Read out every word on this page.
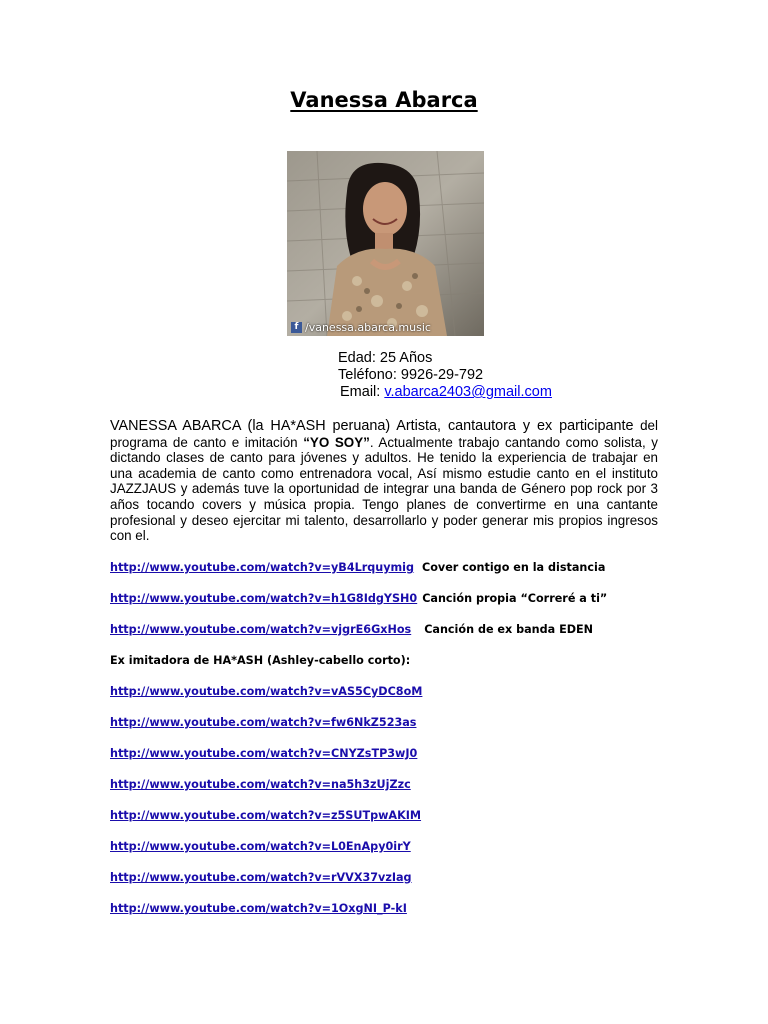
Vanessa Abarca
f /vanessa.abarca.music
Edad: 25 Años
Teléfono: 9926-29-792
Email: v.abarca2403@gmail.com

VANESSA ABARCA (la HA*ASH peruana) Artista, cantautora y ex participante del programa de canto e imitación “YO SOY”. Actualmente trabajo cantando como solista, y dictando clases de canto para jóvenes y adultos. He tenido la experiencia de trabajar en una academia de canto como entrenadora vocal, Así mismo estudie canto en el instituto JAZZJAUS y además tuve la oportunidad de integrar una banda de Género pop rock por 3 años tocando covers y música propia. Tengo planes de convertirme en una cantante profesional y deseo ejercitar mi talento, desarrollarlo y poder generar mis propios ingresos con el.

http://www.youtube.com/watch?v=yB4Lrquymig Cover contigo en la distancia
http://www.youtube.com/watch?v=h1G8IdgYSH0 Canción propia “Correré a ti”
http://www.youtube.com/watch?v=vjgrE6GxHos Canción de ex banda EDEN
Ex imitadora de HA*ASH (Ashley-cabello corto):
http://www.youtube.com/watch?v=vAS5CyDC8oM
http://www.youtube.com/watch?v=fw6NkZ523as
http://www.youtube.com/watch?v=CNYZsTP3wJ0
http://www.youtube.com/watch?v=na5h3zUjZzc
http://www.youtube.com/watch?v=z5SUTpwAKIM
http://www.youtube.com/watch?v=L0EnApy0irY
http://www.youtube.com/watch?v=rVVX37vzIag
http://www.youtube.com/watch?v=1OxgNI_P-kI
